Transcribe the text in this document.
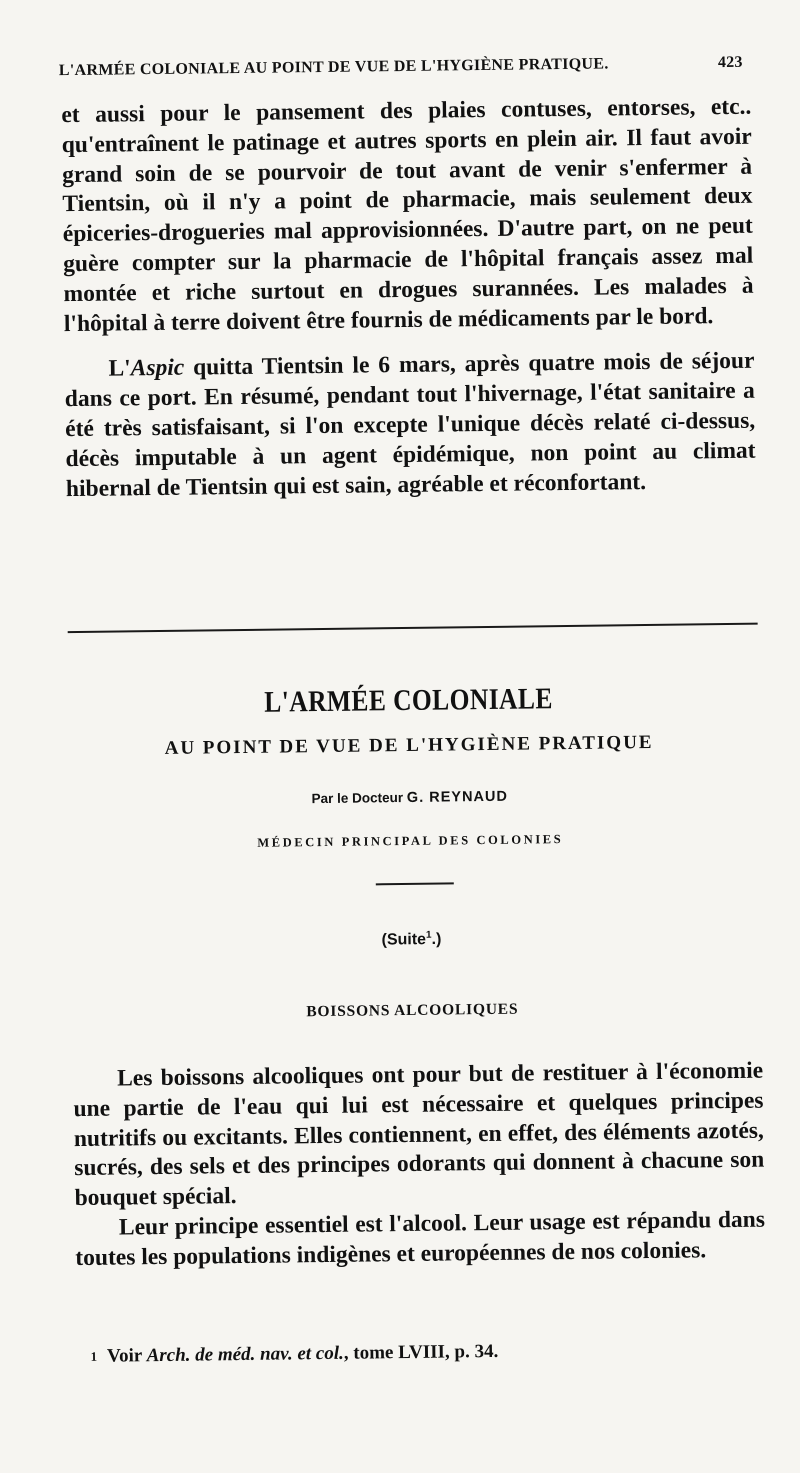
L'ARMÉE COLONIALE AU POINT DE VUE DE L'HYGIÈNE PRATIQUE.	423

et aussi pour le pansement des plaies contuses, entorses, etc.. qu'entraînent le patinage et autres sports en plein air. Il faut avoir grand soin de se pourvoir de tout avant de venir s'enfermer à Tientsin, où il n'y a point de pharmacie, mais seulement deux épiceries-drogueries mal approvisionnées. D'autre part, on ne peut guère compter sur la pharmacie de l'hôpital français assez mal montée et riche surtout en drogues surannées. Les malades à l'hôpital à terre doivent être fournis de médicaments par le bord.

L'Aspic quitta Tientsin le 6 mars, après quatre mois de séjour dans ce port. En résumé, pendant tout l'hivernage, l'état sanitaire a été très satisfaisant, si l'on excepte l'unique décès relaté ci-dessus, décès imputable à un agent épidémique, non point au climat hibernal de Tientsin qui est sain, agréable et réconfortant.

L'ARMÉE COLONIALE
AU POINT DE VUE DE L'HYGIÈNE PRATIQUE
Par le Docteur G. REYNAUD
MÉDECIN PRINCIPAL DES COLONIES
(Suite$^1$.)
BOISSONS ALCOOLIQUES

Les boissons alcooliques ont pour but de restituer à l'économie une partie de l'eau qui lui est nécessaire et quelques principes nutritifs ou excitants. Elles contiennent, en effet, des éléments azotés, sucrés, des sels et des principes odorants qui donnent à chacune son bouquet spécial.

Leur principe essentiel est l'alcool. Leur usage est répandu dans toutes les populations indigènes et européennes de nos colonies.

1 Voir Arch. de méd. nav. et col., tome LVIII, p. 34.
